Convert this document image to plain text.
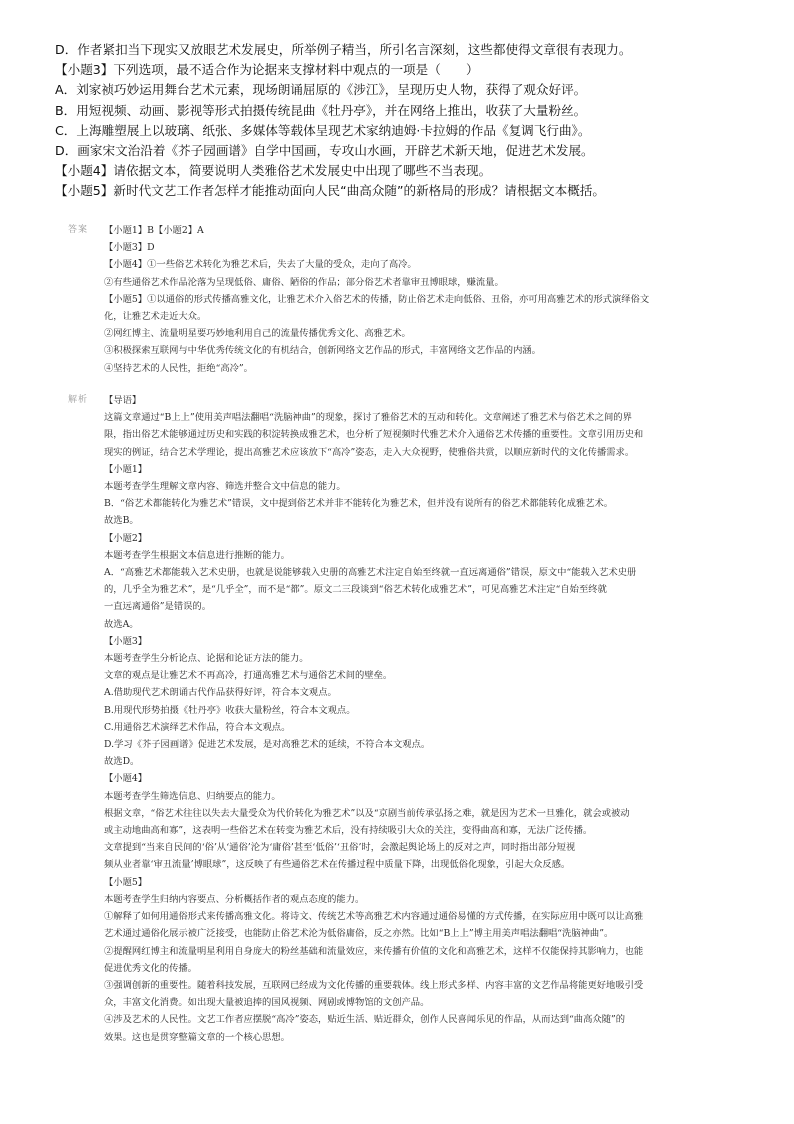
D．作者紧扣当下现实又放眼艺术发展史，所举例子精当，所引名言深刻，这些都使得文章很有表现力。
【小题3】下列选项，最不适合作为论据来支撑材料中观点的一项是（　　）
A．刘家祯巧妙运用舞台艺术元素，现场朗诵屈原的《涉江》，呈现历史人物，获得了观众好评。
B．用短视频、动画、影视等形式拍摄传统昆曲《牡丹亭》，并在网络上推出，收获了大量粉丝。
C．上海雕塑展上以玻璃、纸张、多媒体等载体呈现艺术家纳迪姆·卡拉姆的作品《复调飞行曲》。
D．画家宋文治沿着《芥子园画谱》自学中国画，专攻山水画，开辟艺术新天地，促进艺术发展。
【小题4】请依据文本，简要说明人类雅俗艺术发展史中出现了哪些不当表现。
【小题5】新时代文艺工作者怎样才能推动面向人民“曲高众随”的新格局的形成？请根据文本概括。
答案 【小题1】B【小题2】A
【小题3】D
【小题4】①一些俗艺术转化为雅艺术后，失去了大量的受众，走向了高冷。
②有些通俗艺术作品沦落为呈现低俗、庸俗、陋俗的作品；部分俗艺术者靠审丑博眼球，赚流量。
【小题5】①以通俗的形式传播高雅文化，让雅艺术介入俗艺术的传播，防止俗艺术走向低俗、丑俗，亦可用高雅艺术的形式演绎俗文
化，让雅艺术走近大众。
②网红博主、流量明星要巧妙地利用自己的流量传播优秀文化、高雅艺术。
③积极探索互联网与中华优秀传统文化的有机结合，创新网络文艺作品的形式，丰富网络文艺作品的内涵。
④坚持艺术的人民性，拒绝“高冷”。
解析 【导语】
这篇文章通过“B上上”使用美声唱法翻唱“洗脑神曲”的现象，探讨了雅俗艺术的互动和转化。文章阐述了雅艺术与俗艺术之间的界
限，指出俗艺术能够通过历史和实践的积淀转换成雅艺术，也分析了短视频时代雅艺术介入通俗艺术传播的重要性。文章引用历史和
现实的例证，结合艺术学理论，提出高雅艺术应该放下“高冷”姿态，走入大众视野，使雅俗共赏，以顺应新时代的文化传播需求。
【小题1】
本题考查学生理解文章内容、筛选并整合文中信息的能力。
B．“俗艺术都能转化为雅艺术”错误，文中提到俗艺术并非不能转化为雅艺术，但并没有说所有的俗艺术都能转化成雅艺术。
故选B。
【小题2】
本题考查学生根据文本信息进行推断的能力。
A．“高雅艺术都能载入艺术史册，也就是说能够载入史册的高雅艺术注定自始至终就一直远离通俗”错误，原文中“能载入艺术史册
的，几乎全为雅艺术”，是“几乎全”，而不是“都”。原文二三段谈到“俗艺术转化成雅艺术”，可见高雅艺术注定“自始至终就
一直远离通俗”是错误的。
故选A。
【小题3】
本题考查学生分析论点、论据和论证方法的能力。
文章的观点是让雅艺术不再高冷，打通高雅艺术与通俗艺术间的壁垒。
A.借助现代艺术朗诵古代作品获得好评，符合本文观点。
B.用现代形势拍摄《牡丹亭》收获大量粉丝，符合本文观点。
C.用通俗艺术演绎艺术作品，符合本文观点。
D.学习《芥子园画谱》促进艺术发展，是对高雅艺术的延续，不符合本文观点。
故选D。
【小题4】
本题考查学生筛选信息、归纳要点的能力。
根据文章，“俗艺术往往以失去大量受众为代价转化为雅艺术”以及“京剧当前传承弘扬之难，就是因为艺术一旦雅化，就会或被动
或主动地曲高和寡”，这表明一些俗艺术在转变为雅艺术后，没有持续吸引大众的关注，变得曲高和寡，无法广泛传播。
文章提到“当来自民间的‘俗’从‘通俗’沦为‘庸俗’甚至‘低俗’‘丑俗’时，会激起舆论场上的反对之声，同时指出部分短视
频从业者靠‘审丑流量’博眼球”，这反映了有些通俗艺术在传播过程中质量下降，出现低俗化现象，引起大众反感。
【小题5】
本题考查学生归纳内容要点、分析概括作者的观点态度的能力。
①解释了如何用通俗形式来传播高雅文化。将诗文、传统艺术等高雅艺术内容通过通俗易懂的方式传播，在实际应用中既可以让高雅
艺术通过通俗化展示被广泛接受，也能防止俗艺术沦为低俗庸俗，反之亦然。比如“B上上”博主用美声唱法翻唱“洗脑神曲”。
②提醒网红博主和流量明星利用自身庞大的粉丝基础和流量效应，来传播有价值的文化和高雅艺术，这样不仅能保持其影响力，也能
促进优秀文化的传播。
③强调创新的重要性。随着科技发展，互联网已经成为文化传播的重要载体。线上形式多样、内容丰富的文艺作品将能更好地吸引受
众，丰富文化消费。如出现大量被追捧的国风视频、网剧或博物馆的文创产品。
④涉及艺术的人民性。文艺工作者应摆脱“高冷”姿态，贴近生活、贴近群众，创作人民喜闻乐见的作品，从而达到“曲高众随”的
效果。这也是贯穿整篇文章的一个核心思想。
